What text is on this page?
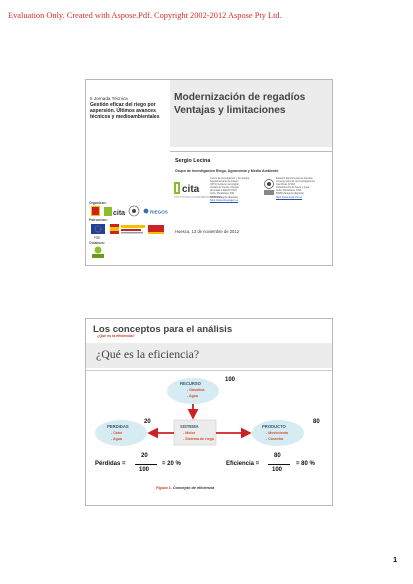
Evaluation Only. Created with Aspose.Pdf. Copyright 2002-2012 Aspose Pty Ltd.
II Jornada Técnica
Gestión eficaz del riego por aspersión. Últimos avances técnicos y medioambientales
Organizan:
cita	RIEGOS
Patrocinan:
FSE
Colabora:
Modernización de regadíos
Ventajas y limitaciones
Sergio Lecina
Grupo de Investigación Riego, Agronomía y Medio Ambiente
cita
Centro de Investigación y Tecnología Agroalimentaria de Aragón
Centro de Investigación y Tecnología
Agroalimentaria de Aragón
(CITA) Gobierno de Aragón
Unidad de Suelos y Riegos
(asociada a EEAD-CSIC)
Avda. Montañana, 930
50059 Zaragoza (España)
https://www.cita-aragon.es
Estación Experimental de Aula Dei
Consejo Superior de Investigaciones
Científicas (CSIC)
Departamento de Suelo y Agua
Avda. Montañana, 1005
50059 Zaragoza (España)
https://www.eead.csic.es
Huesca, 13 de noviembre de 2012
Los conceptos para el análisis
¿Qué es la eficiencia?
¿Qué es la eficiencia?
RECURSO
- Gasolina
- Agua
100
PERDIDAS
- Calor
- Agua
20
SISTEMA
- Motor
- Sistema de riego
PRODUCTO
- Movimiento
- Cosecha
80
Pérdidas =
20
100
= 20 %	Eficiencia =
80
100
= 80 %
Figura 1. Concepto de eficiencia
1
